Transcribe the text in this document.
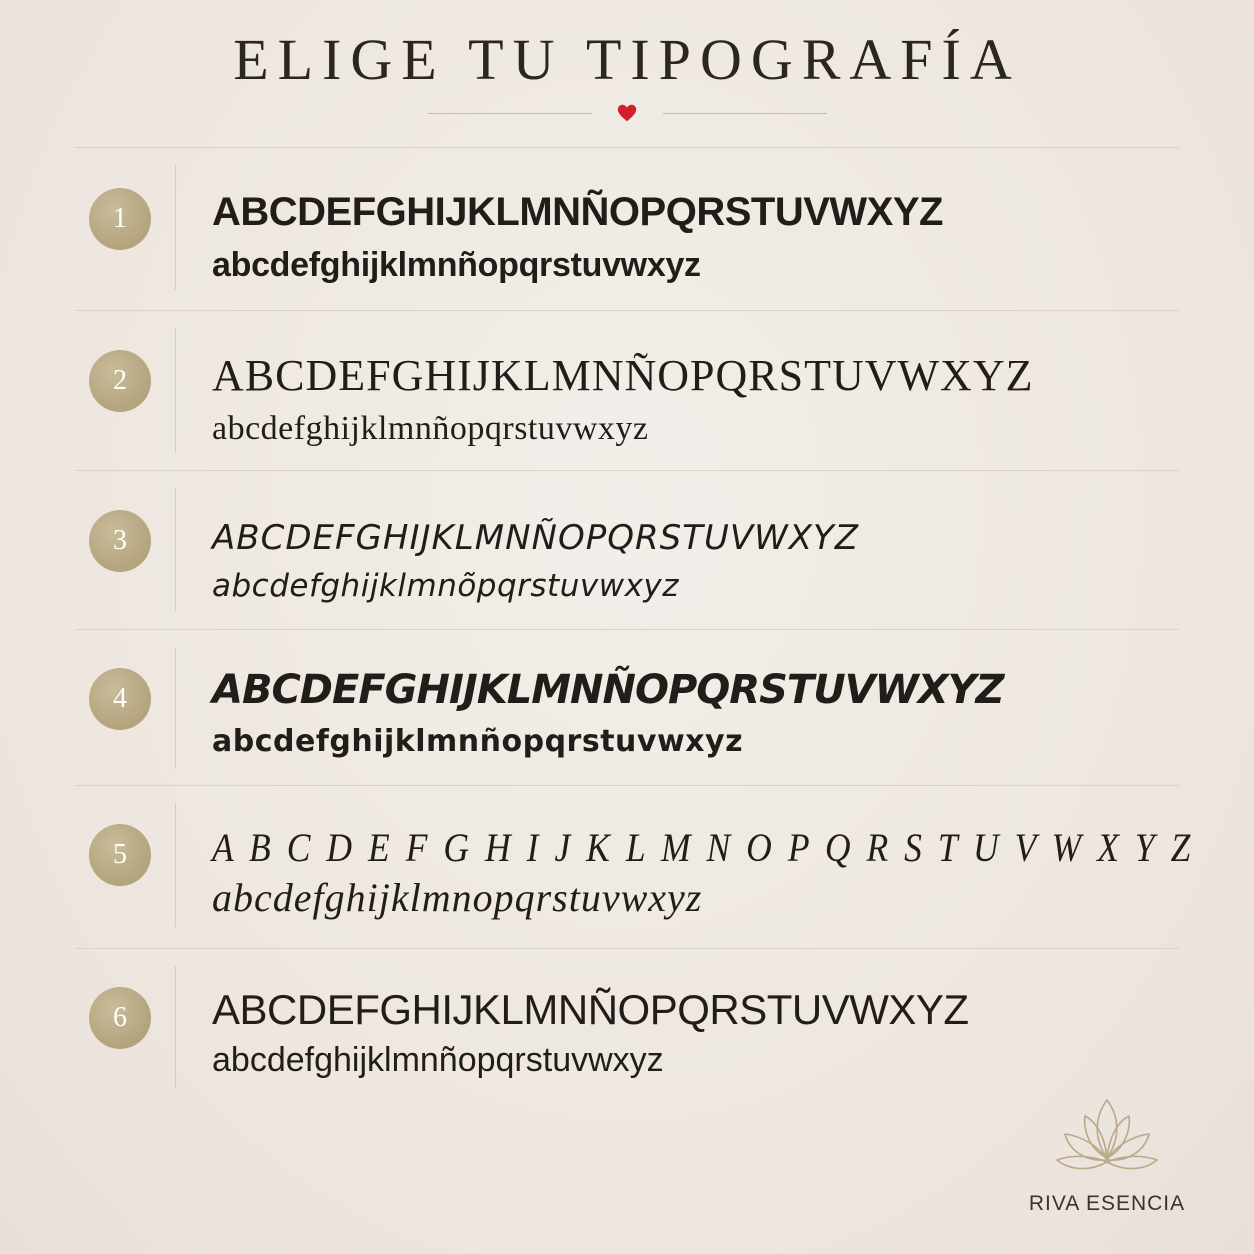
ELIGE TU TIPOGRAFÍA
1	ABCDEFGHIJKLMNÑOPQRSTUVWXYZ
abcdefghijklmnñopqrstuvwxyz
2	ABCDEFGHIJKLMNÑOPQRSTUVWXYZ
abcdefghijklmnñopqrstuvwxyz
3	ABCDEFGHIJKLMNÑOPQRSTUVWXYZ
abcdefghijklmnõpqrstuvwxyz
4	ABCDEFGHIJKLMNÑOPQRSTUVWXYZ
abcdefghijklmnñopqrstuvwxyz
5	A B C D E F G H I J K L M N O P Q R S T U V W X Y Z
abcdefghijklmnopqrstuvwxyz
6	ABCDEFGHIJKLMNÑOPQRSTUVWXYZ
abcdefghijklmnñopqrstuvwxyz
RIVA ESENCIA
